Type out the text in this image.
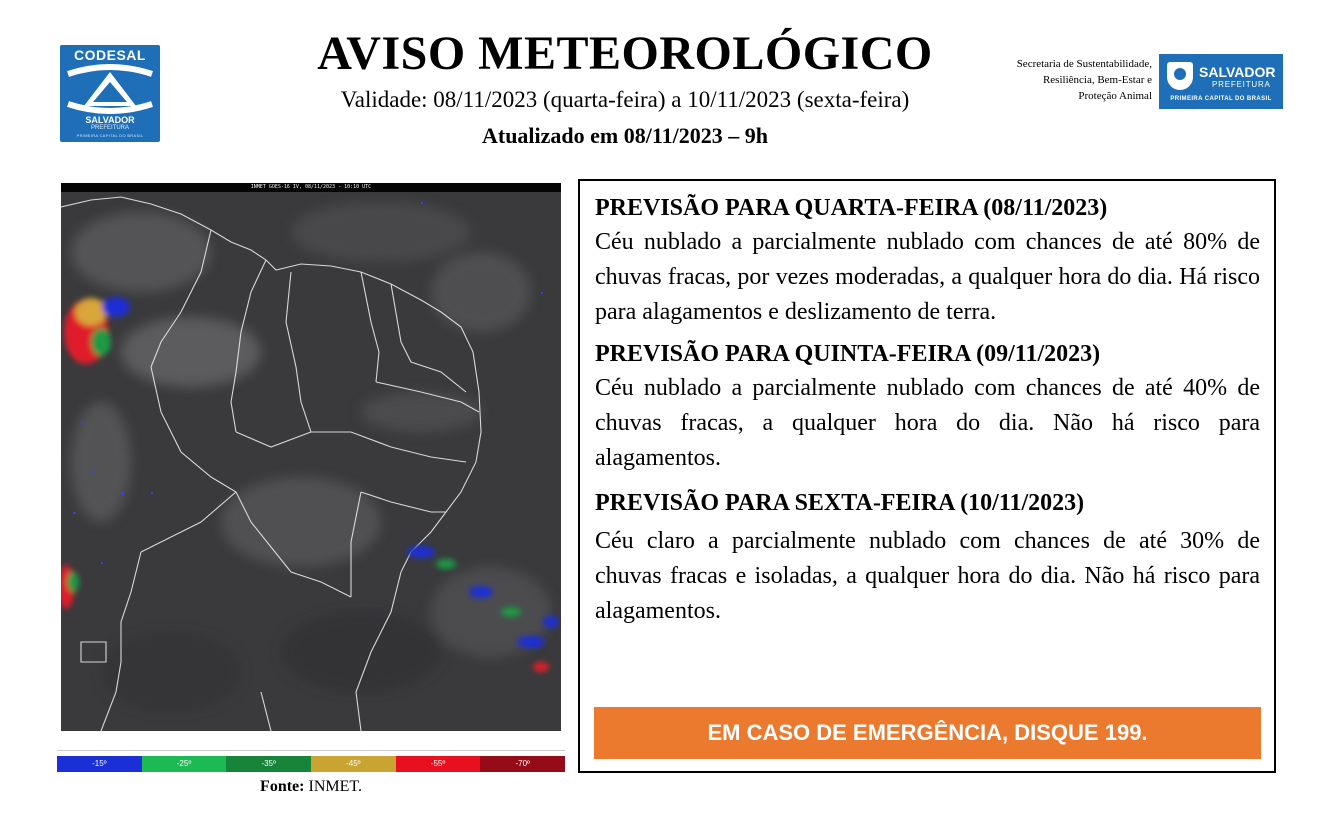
CODESAL
SALVADOR
PREFEITURA
PRIMEIRA CAPITAL DO BRASIL
AVISO METEOROLÓGICO
Validade: 08/11/2023 (quarta-feira) a 10/11/2023 (sexta-feira)
Atualizado em 08/11/2023 – 9h
Secretaria de Sustentabilidade,
Resiliência, Bem-Estar e
Proteção Animal
SALVADOR
PREFEITURA
PRIMEIRA CAPITAL DO BRASIL
INMET GOES-16 IV, 08/11/2023 - 10:10 UTC
-15º	-25º	-35º	-45º	-55º	-70º
Fonte: INMET.
PREVISÃO PARA QUARTA-FEIRA (08/11/2023)

Céu nublado a parcialmente nublado com chances de até 80% de chuvas fracas, por vezes moderadas, a qualquer hora do dia. Há risco para alagamentos e deslizamento de terra.

PREVISÃO PARA QUINTA-FEIRA (09/11/2023)

Céu nublado a parcialmente nublado com chances de até 40% de chuvas fracas, a qualquer hora do dia. Não há risco para alagamentos.

PREVISÃO PARA SEXTA-FEIRA (10/11/2023)

Céu claro a parcialmente nublado com chances de até 30% de chuvas fracas e isoladas, a qualquer hora do dia. Não há risco para alagamentos.

EM CASO DE EMERGÊNCIA, DISQUE 199.
